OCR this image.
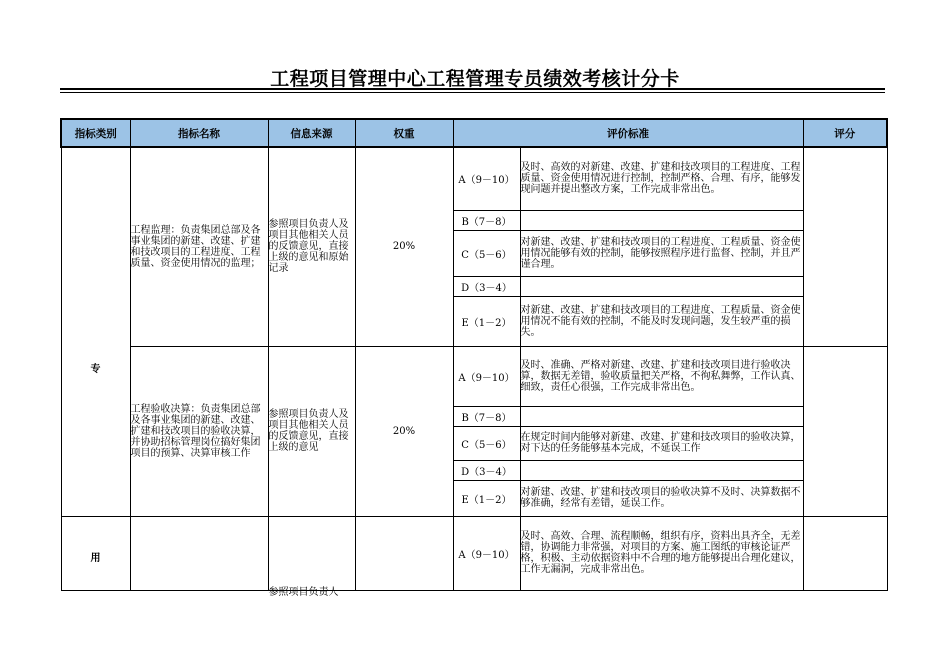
工程项目管理中心工程管理专员绩效考核计分卡
指标类别	指标名称	信息来源	权重	评价标准		评分
专	工程监理：负责集团总部及各事业集团的新建、改建、扩建和技改项目的工程进度、工程质量、资金使用情况的监理；	参照项目负责人及项目其他相关人员的反馈意见，直接上级的意见和原始记录	20%	A（9－10）	及时、高效的对新建、改建、扩建和技改项目的工程进度、工程质量、资金使用情况进行控制，控制严格、合理、有序，能够发现问题并提出整改方案，工作完成非常出色。	
				B（7－8）		
				C（5－6）	对新建、改建、扩建和技改项目的工程进度、工程质量、资金使用情况能够有效的控制，能够按照程序进行监督、控制，并且严谨合理。	
				D（3－4）		
				E（1－2）	对新建、改建、扩建和技改项目的工程进度、工程质量、资金使用情况不能有效的控制，不能及时发现问题，发生较严重的损失。	
	工程验收决算：负责集团总部及各事业集团的新建、改建、扩建和技改项目的验收决算，并协助招标管理岗位搞好集团项目的预算、决算审核工作	参照项目负责人及项目其他相关人员的反馈意见，直接上级的意见	20%	A（9－10）	及时、准确、严格对新建、改建、扩建和技改项目进行验收决算，数据无差错，验收质量把关严格，不徇私舞弊，工作认真、细致，责任心很强，工作完成非常出色。	
				B（7－8）		
				C（5－6）	在规定时间内能够对新建、改建、扩建和技改项目的验收决算，对下达的任务能够基本完成，不延误工作	
				D（3－4）		
				E（1－2）	对新建、改建、扩建和技改项目的验收决算不及时、决算数据不够准确，经常有差错，延误工作。	
用		参照项目负责人		A（9－10）	及时、高效、合理、流程顺畅，组织有序，资料出具齐全，无差错，协调能力非常强，对项目的方案、施工图纸的审核论证严格，积极、主动依据资料中不合理的地方能够提出合理化建议，工作无漏洞，完成非常出色。	
